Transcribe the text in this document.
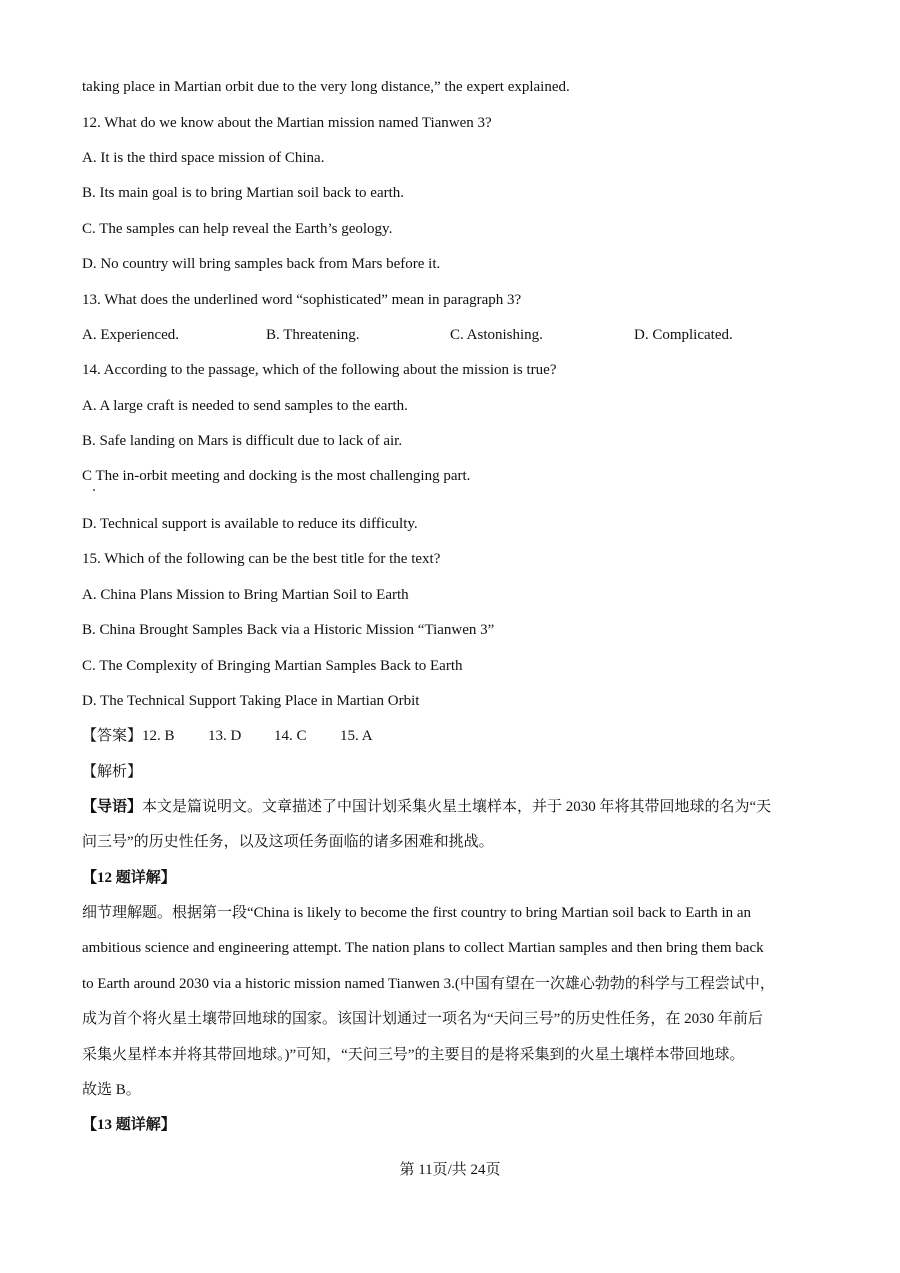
taking place in Martian orbit due to the very long distance,” the expert explained.
12. What do we know about the Martian mission named Tianwen 3?
A. It is the third space mission of China.
B. Its main goal is to bring Martian soil back to earth.
C. The samples can help reveal the Earth’s geology.
D. No country will bring samples back from Mars before it.
13. What does the underlined word “sophisticated” mean in paragraph 3?
A. Experienced.	B. Threatening.	C. Astonishing.	D. Complicated.
14. According to the passage, which of the following about the mission is true?
A. A large craft is needed to send samples to the earth.
B. Safe landing on Mars is difficult due to lack of air.
C The in-orbit meeting and docking is the most challenging part.
D. Technical support is available to reduce its difficulty.
15. Which of the following can be the best title for the text?
A. China Plans Mission to Bring Martian Soil to Earth
B. China Brought Samples Back via a Historic Mission “Tianwen 3”
C. The Complexity of Bringing Martian Samples Back to Earth
D. The Technical Support Taking Place in Martian Orbit
【答案】12. B 13. D 14. C 15. A
【解析】
【导语】本文是篇说明文。文章描述了中国计划采集火星土壤样本，并于 2030 年将其带回地球的名为“天
问三号”的历史性任务，以及这项任务面临的诸多困难和挑战。
【12 题详解】
细节理解题。根据第一段“China is likely to become the first country to bring Martian soil back to Earth in an
ambitious science and engineering attempt. The nation plans to collect Martian samples and then bring them back
to Earth around 2030 via a historic mission named Tianwen 3.(中国有望在一次雄心勃勃的科学与工程尝试中，
成为首个将火星土壤带回地球的国家。该国计划通过一项名为“天问三号”的历史性任务，在 2030 年前后
采集火星样本并将其带回地球。)”可知，“天问三号”的主要目的是将采集到的火星土壤样本带回地球。
故选 B。
【13 题详解】
第 11页/共 24页
